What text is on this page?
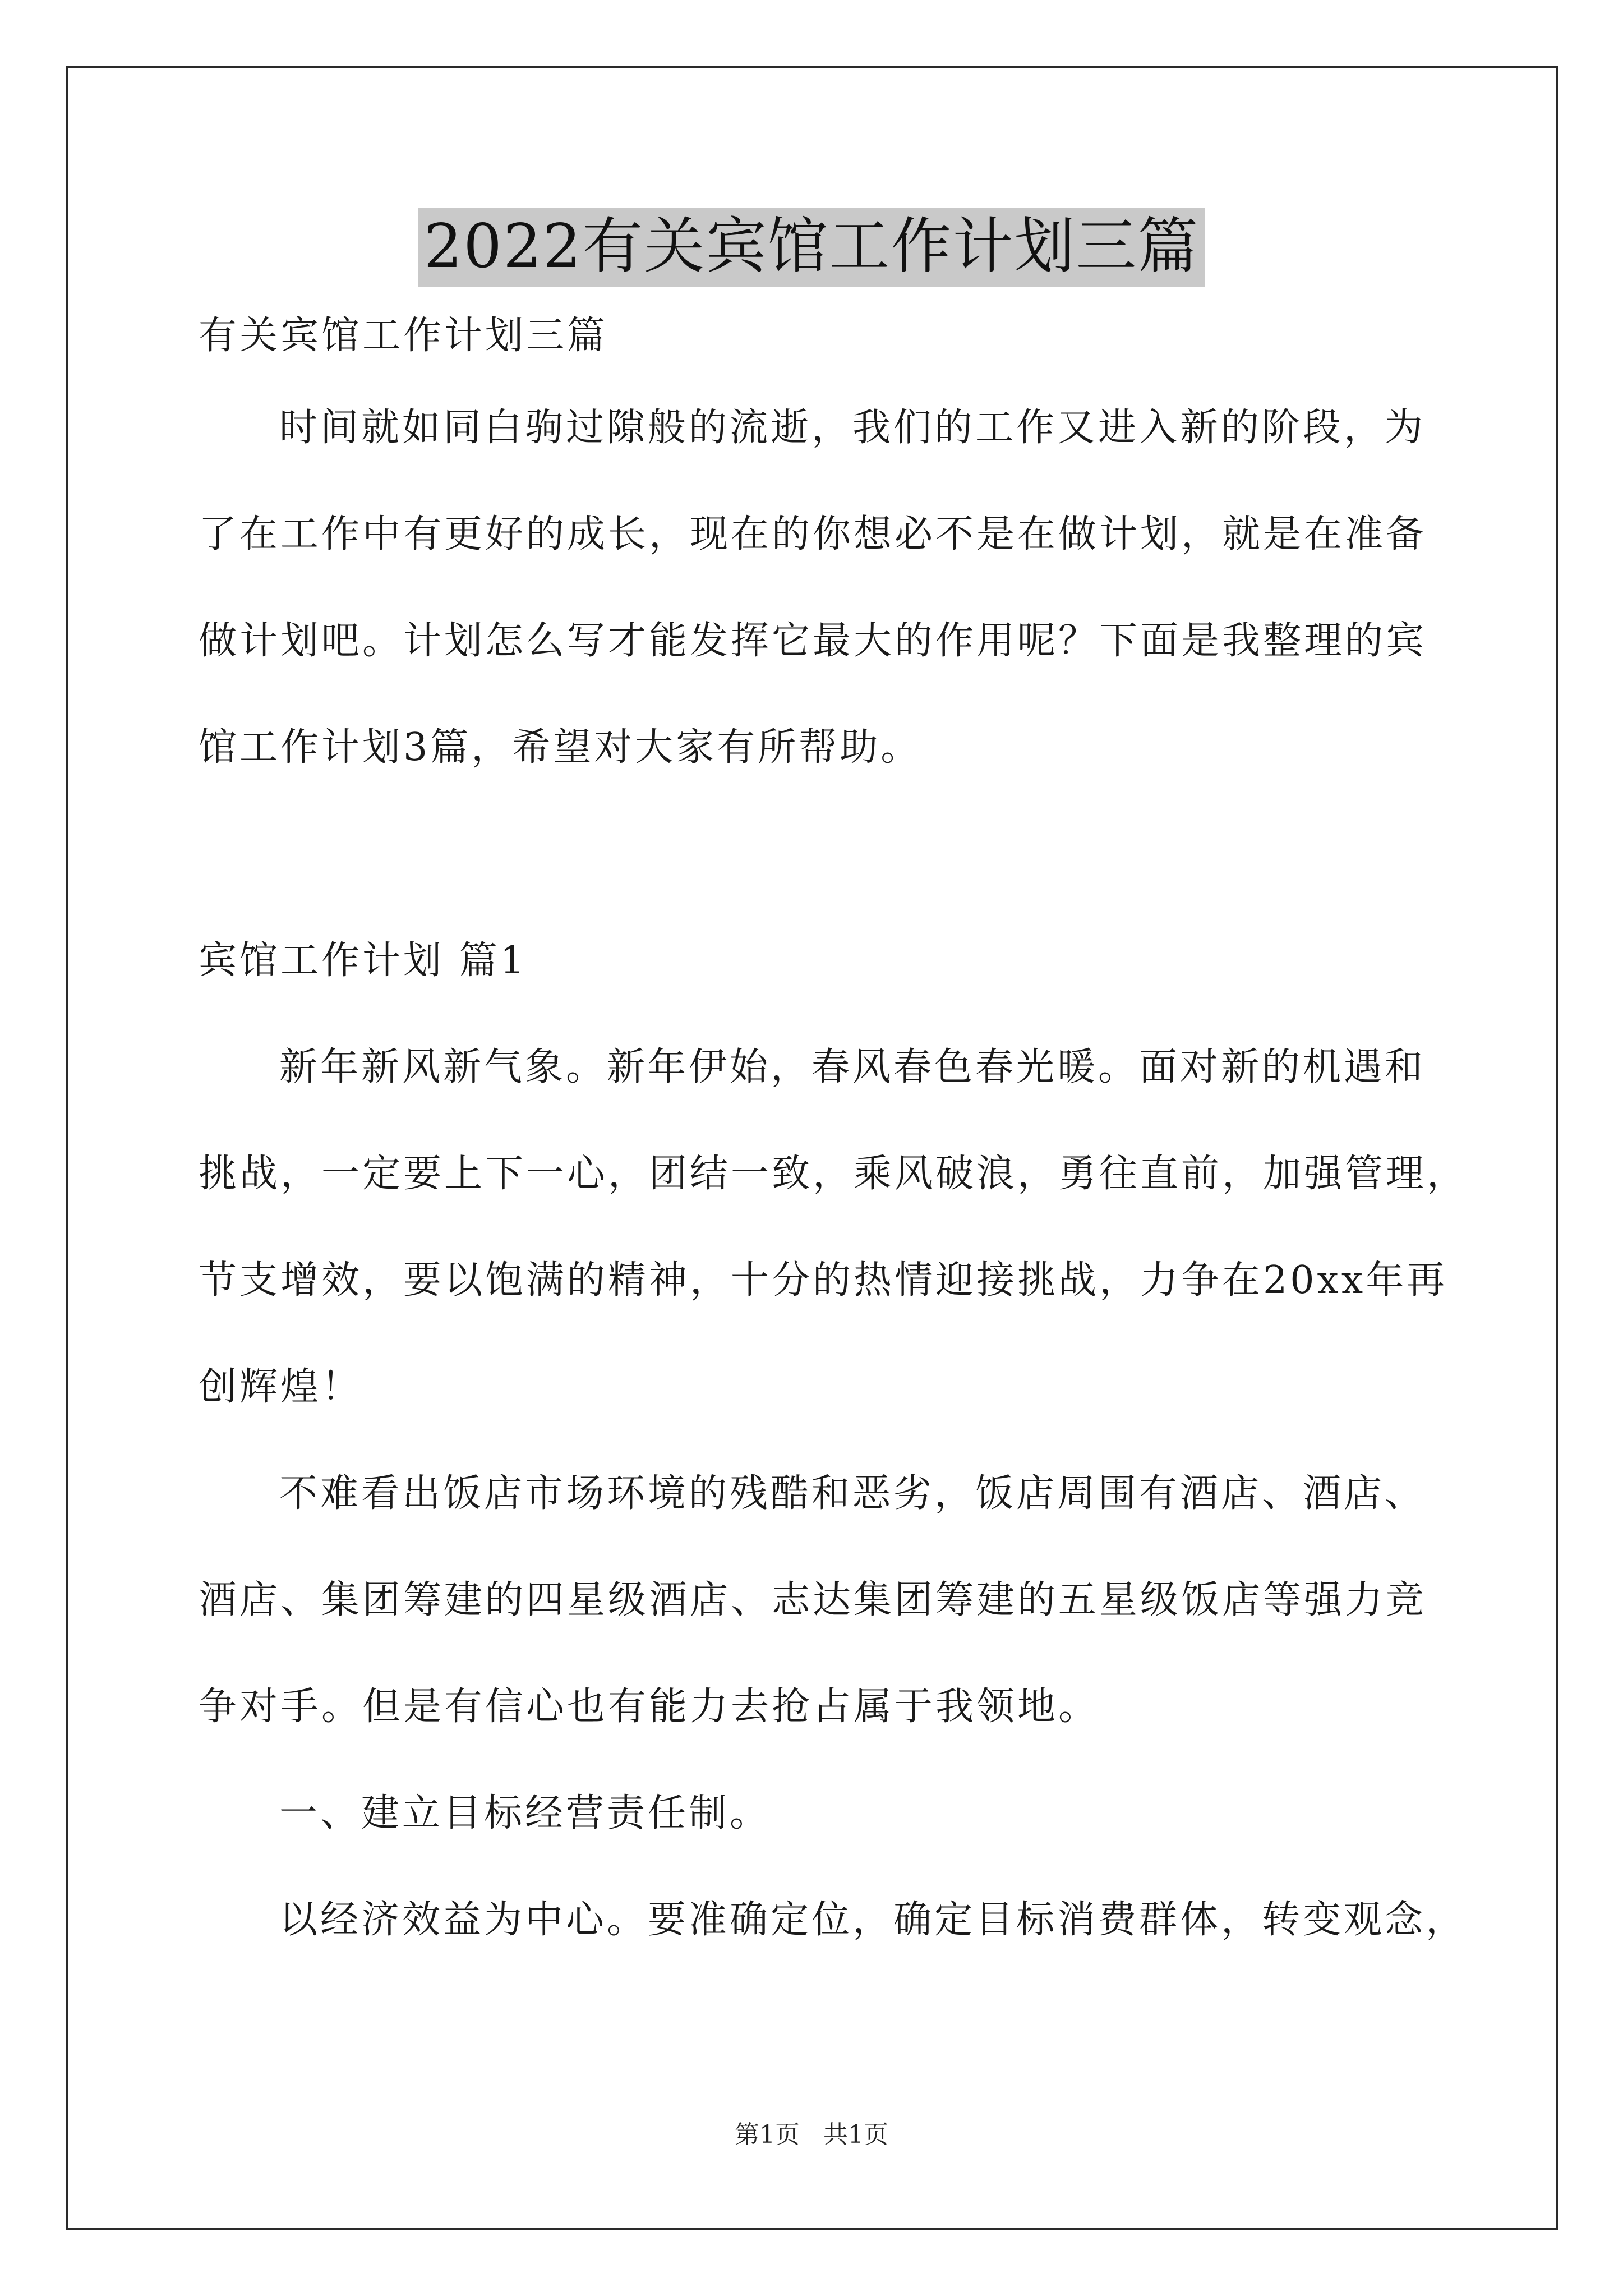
2022有关宾馆工作计划三篇
有关宾馆工作计划三篇
时间就如同白驹过隙般的流逝，我们的工作又进入新的阶段，为
了在工作中有更好的成长，现在的你想必不是在做计划，就是在准备
做计划吧。计划怎么写才能发挥它最大的作用呢？下面是我整理的宾
馆工作计划3篇，希望对大家有所帮助。
宾馆工作计划 篇1
新年新风新气象。新年伊始，春风春色春光暖。面对新的机遇和
挑战，一定要上下一心，团结一致，乘风破浪，勇往直前，加强管理，
节支增效，要以饱满的精神，十分的热情迎接挑战，力争在20xx年再
创辉煌！
不难看出饭店市场环境的残酷和恶劣，饭店周围有酒店、酒店、
酒店、集团筹建的四星级酒店、志达集团筹建的五星级饭店等强力竞
争对手。但是有信心也有能力去抢占属于我领地。
一、建立目标经营责任制。
以经济效益为中心。要准确定位，确定目标消费群体，转变观念，
第1页   共1页
